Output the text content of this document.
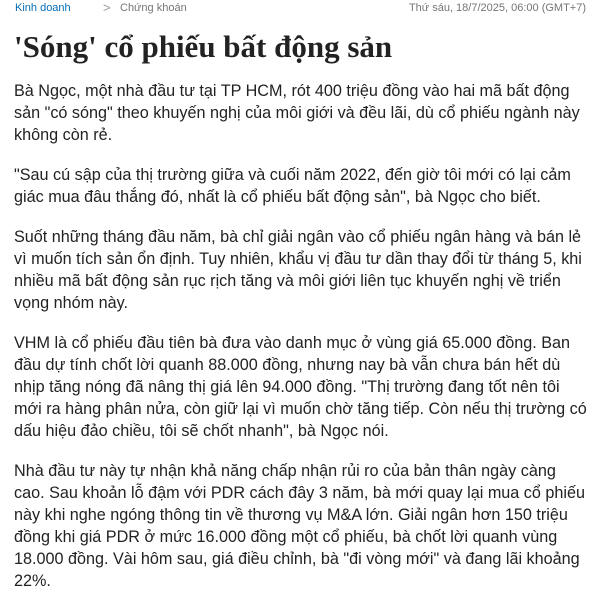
Kinh doanh > Chứng khoán	Thứ sáu, 18/7/2025, 06:00 (GMT+7)
'Sóng' cổ phiếu bất động sản

Bà Ngọc, một nhà đầu tư tại TP HCM, rót 400 triệu đồng vào hai mã bất động sản "có sóng" theo khuyến nghị của môi giới và đều lãi, dù cổ phiếu ngành này không còn rẻ.

"Sau cú sập của thị trường giữa và cuối năm 2022, đến giờ tôi mới có lại cảm giác mua đâu thắng đó, nhất là cổ phiếu bất động sản", bà Ngọc cho biết.

Suốt những tháng đầu năm, bà chỉ giải ngân vào cổ phiếu ngân hàng và bán lẻ vì muốn tích sản ổn định. Tuy nhiên, khẩu vị đầu tư dần thay đổi từ tháng 5, khi nhiều mã bất động sản rục rịch tăng và môi giới liên tục khuyến nghị về triển vọng nhóm này.

VHM là cổ phiếu đầu tiên bà đưa vào danh mục ở vùng giá 65.000 đồng. Ban đầu dự tính chốt lời quanh 88.000 đồng, nhưng nay bà vẫn chưa bán hết dù nhịp tăng nóng đã nâng thị giá lên 94.000 đồng. "Thị trường đang tốt nên tôi mới ra hàng phân nửa, còn giữ lại vì muốn chờ tăng tiếp. Còn nếu thị trường có dấu hiệu đảo chiều, tôi sẽ chốt nhanh", bà Ngọc nói.

Nhà đầu tư này tự nhận khả năng chấp nhận rủi ro của bản thân ngày càng cao. Sau khoản lỗ đậm với PDR cách đây 3 năm, bà mới quay lại mua cổ phiếu này khi nghe ngóng thông tin về thương vụ M&A lớn. Giải ngân hơn 150 triệu đồng khi giá PDR ở mức 16.000 đồng một cổ phiếu, bà chốt lời quanh vùng 18.000 đồng. Vài hôm sau, giá điều chỉnh, bà "đi vòng mới" và đang lãi khoảng 22%.
